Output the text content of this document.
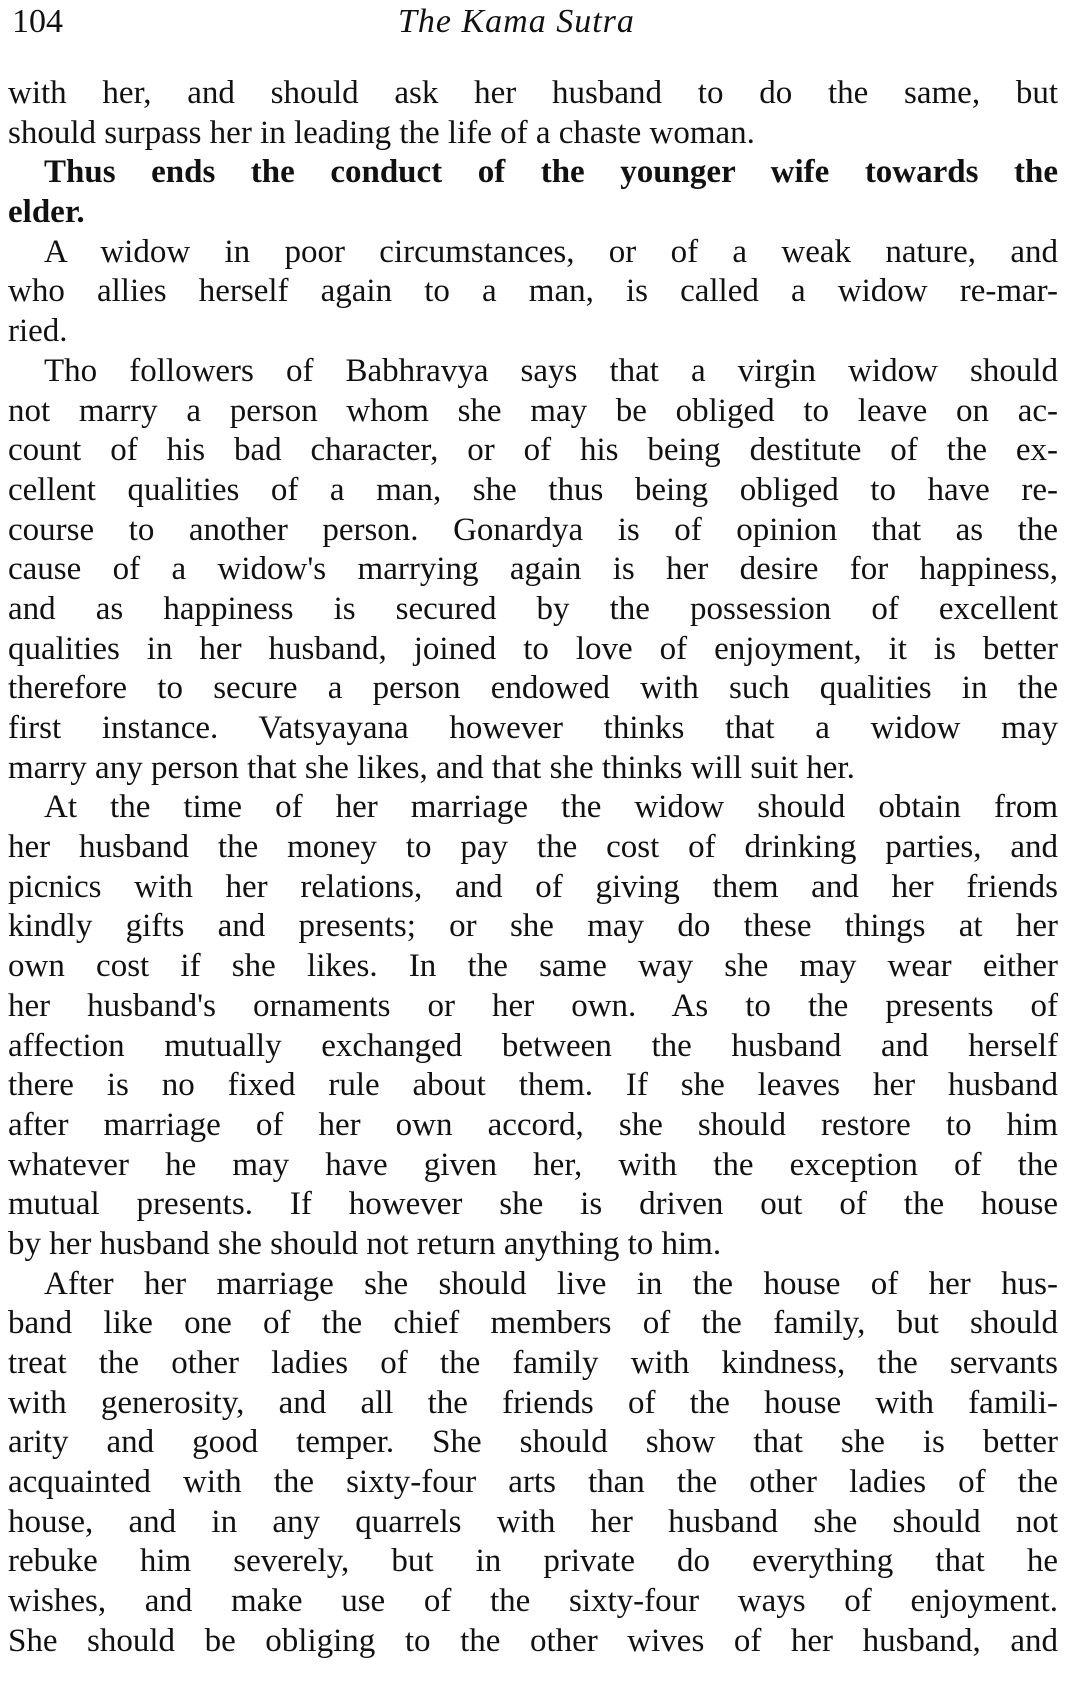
104	The Kama Sutra
with her, and should ask her husband to do the same, but
should surpass her in leading the life of a chaste woman.
Thus ends the conduct of the younger wife towards the
elder.
A widow in poor circumstances, or of a weak nature, and
who allies herself again to a man, is called a widow re-mar-
ried.
Tho followers of Babhravya says that a virgin widow should
not marry a person whom she may be obliged to leave on ac-
count of his bad character, or of his being destitute of the ex-
cellent qualities of a man, she thus being obliged to have re-
course to another person. Gonardya is of opinion that as the
cause of a widow's marrying again is her desire for happiness,
and as happiness is secured by the possession of excellent
qualities in her husband, joined to love of enjoyment, it is better
therefore to secure a person endowed with such qualities in the
first instance. Vatsyayana however thinks that a widow may
marry any person that she likes, and that she thinks will suit her.
At the time of her marriage the widow should obtain from
her husband the money to pay the cost of drinking parties, and
picnics with her relations, and of giving them and her friends
kindly gifts and presents; or she may do these things at her
own cost if she likes. In the same way she may wear either
her husband's ornaments or her own. As to the presents of
affection mutually exchanged between the husband and herself
there is no fixed rule about them. If she leaves her husband
after marriage of her own accord, she should restore to him
whatever he may have given her, with the exception of the
mutual presents. If however she is driven out of the house
by her husband she should not return anything to him.
After her marriage she should live in the house of her hus-
band like one of the chief members of the family, but should
treat the other ladies of the family with kindness, the servants
with generosity, and all the friends of the house with famili-
arity and good temper. She should show that she is better
acquainted with the sixty-four arts than the other ladies of the
house, and in any quarrels with her husband she should not
rebuke him severely, but in private do everything that he
wishes, and make use of the sixty-four ways of enjoyment.
She should be obliging to the other wives of her husband, and
